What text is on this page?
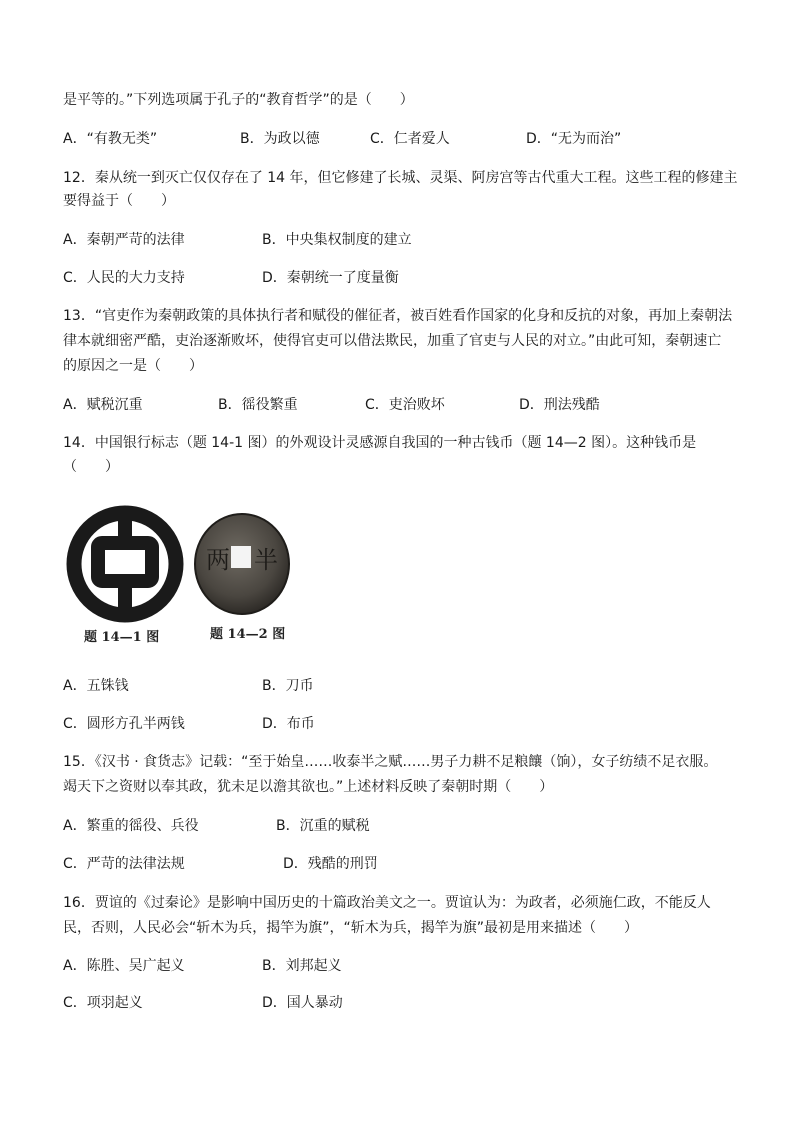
是平等的。”下列选项属于孔子的“教育哲学”的是（　　）
A．“有教无类”	B．为政以德	C．仁者爱人	D．“无为而治”
12．秦从统一到灭亡仅仅存在了 14 年，但它修建了长城、灵渠、阿房宫等古代重大工程。这些工程的修建主
要得益于（　　）
A．秦朝严苛的法律	B．中央集权制度的建立
C．人民的大力支持	D．秦朝统一了度量衡
13．“官吏作为秦朝政策的具体执行者和赋役的催征者，被百姓看作国家的化身和反抗的对象，再加上秦朝法
律本就细密严酷，吏治逐渐败坏，使得官吏可以借法欺民，加重了官吏与人民的对立。”由此可知，秦朝速亡
的原因之一是（　　）
A．赋税沉重	B．徭役繁重	C．吏治败坏	D．刑法残酷
14．中国银行标志（题 14-1 图）的外观设计灵感源自我国的一种古钱币（题 14—2 图）。这种钱币是
（　　）
题 14—1 图
两 半
题 14—2 图
A．五铢钱	B．刀币
C．圆形方孔半两钱	D．布币
15．《汉书 · 食货志》记载：“至于始皇……收泰半之赋……男子力耕不足粮饟（饷），女子纺绩不足衣服。
竭天下之资财以奉其政，犹未足以澹其欲也。”上述材料反映了秦朝时期（　　）
A．繁重的徭役、兵役	B．沉重的赋税
C．严苛的法律法规	D．残酷的刑罚
16．贾谊的《过秦论》是影响中国历史的十篇政治美文之一。贾谊认为：为政者，必须施仁政，不能反人
民，否则，人民必会“斩木为兵，揭竿为旗”，“斩木为兵，揭竿为旗”最初是用来描述（　　）
A．陈胜、吴广起义	B．刘邦起义
C．项羽起义	D．国人暴动
